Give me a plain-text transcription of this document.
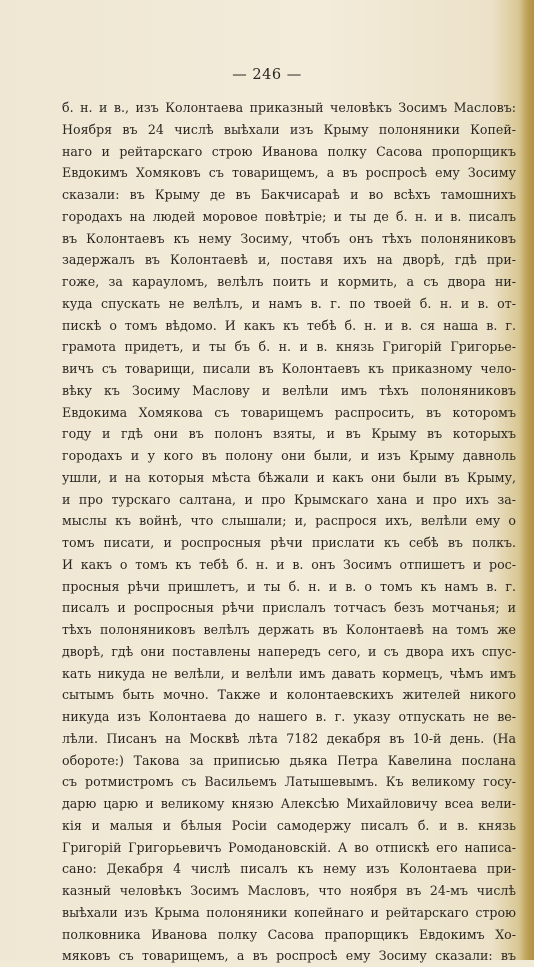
— 246 —
б. н. и в., изъ Колонтаева приказный человѣкъ Зосимъ Масловъ:
Ноября въ 24 числѣ выѣхали изъ Крыму полоняники Копей-
наго и рейтарскаго строю Иванова полку Сасова пропорщикъ
Евдокимъ Хомяковъ съ товарищемъ, а въ роспросѣ ему Зосиму
сказали: въ Крыму де въ Бакчисараѣ и во всѣхъ тамошнихъ
городахъ на людей моровое повѣтріе; и ты де б. н. и в. писалъ
въ Колонтаевъ къ нему Зосиму, чтобъ онъ тѣхъ полоняниковъ
задержалъ въ Колонтаевѣ и, поставя ихъ на дворѣ, гдѣ при-
гоже, за карауломъ, велѣлъ поить и кормить, а съ двора ни-
куда спускать не велѣлъ, и намъ в. г. по твоей б. н. и в. от-
пискѣ о томъ вѣдомо. И какъ къ тебѣ б. н. и в. ся наша в. г.
грамота придетъ, и ты бъ б. н. и в. князь Григорій Григорье-
вичъ съ товарищи, писали въ Колонтаевъ къ приказному чело-
вѣку къ Зосиму Маслову и велѣли имъ тѣхъ полоняниковъ
Евдокима Хомякова съ товарищемъ распросить, въ которомъ
году и гдѣ они въ полонъ взяты, и въ Крыму въ которыхъ
городахъ и у кого въ полону они были, и изъ Крыму давноль
ушли, и на которыя мѣста бѣжали и какъ они были въ Крыму,
и про турскаго салтана, и про Крымскаго хана и про ихъ за-
мыслы къ войнѣ, что слышали; и, распрося ихъ, велѣли ему о
томъ писати, и роспросныя рѣчи прислати къ себѣ въ полкъ.
И какъ о томъ къ тебѣ б. н. и в. онъ Зосимъ отпишетъ и рос-
просныя рѣчи пришлетъ, и ты б. н. и в. о томъ къ намъ в. г.
писалъ и роспросныя рѣчи прислалъ тотчасъ безъ мотчанья; и
тѣхъ полоняниковъ велѣлъ держать въ Колонтаевѣ на томъ же
дворѣ, гдѣ они поставлены напередъ сего, и съ двора ихъ спус-
кать никуда не велѣли, и велѣли имъ давать кормецъ, чѣмъ имъ
сытымъ быть мочно. Также и колонтаевскихъ жителей никого
никуда изъ Колонтаева до нашего в. г. указу отпускать не ве-
лѣли. Писанъ на Москвѣ лѣта 7182 декабря въ 10-й день. (На
обороте:) Такова за приписью дьяка Петра Кавелина послана
съ ротмистромъ съ Васильемъ Латышевымъ. Къ великому госу-
дарю царю и великому князю Алексѣю Михайловичу всеа вели-
кія и малыя и бѣлыя Росіи самодержу писалъ б. и в. князь
Григорій Григорьевичъ Ромодановскій. А во отпискѣ его написа-
сано: Декабря 4 числѣ писалъ къ нему изъ Колонтаева при-
казный человѣкъ Зосимъ Масловъ, что ноября въ 24-мъ числѣ
выѣхали изъ Крыма полоняники копейнаго и рейтарскаго строю
полковника Иванова полку Сасова прапорщикъ Евдокимъ Хо-
мяковъ съ товарищемъ, а въ роспросѣ ему Зосиму сказали: въ
